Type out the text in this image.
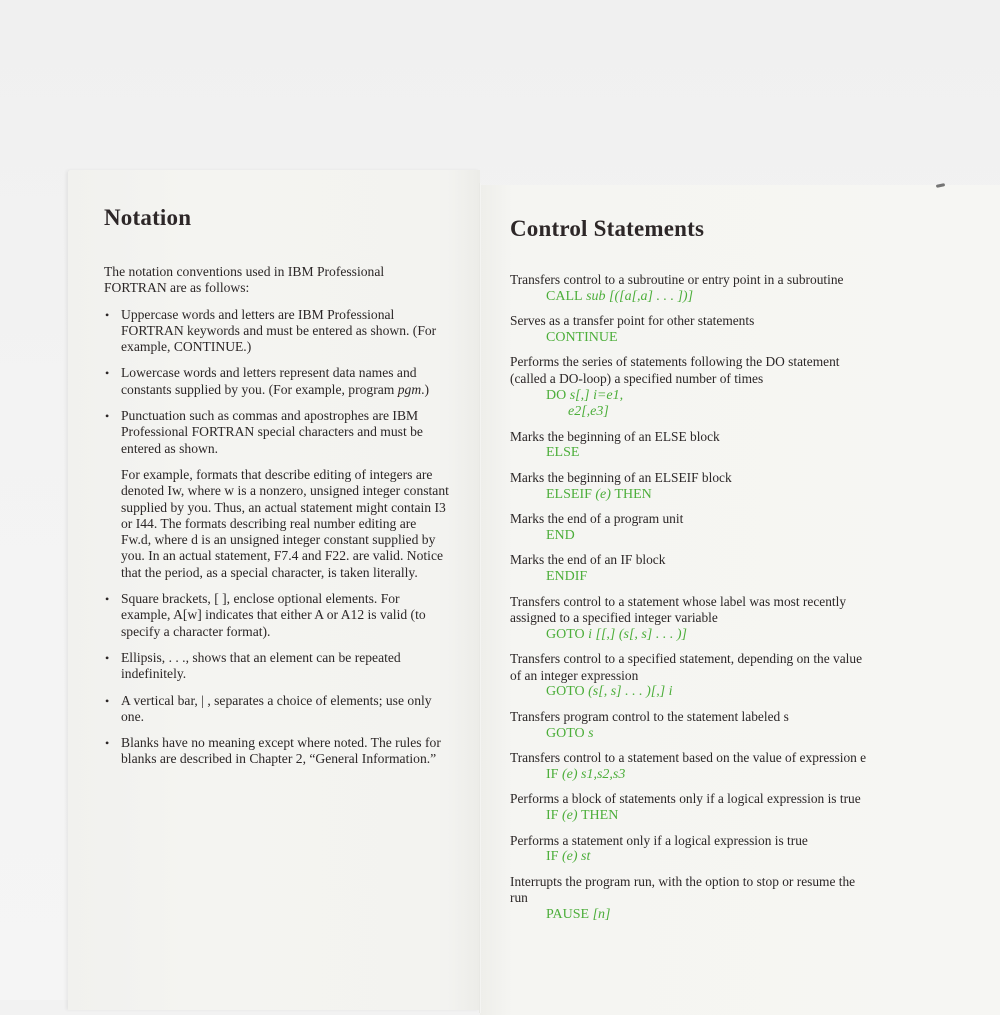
Notation

The notation conventions used in IBM Professional FORTRAN are as follows:

• Uppercase words and letters are IBM Professional FORTRAN keywords and must be entered as shown. (For example, CONTINUE.)
• Lowercase words and letters represent data names and constants supplied by you. (For example, program pgm.)
• Punctuation such as commas and apostrophes are IBM Professional FORTRAN special characters and must be entered as shown.
For example, formats that describe editing of integers are denoted Iw, where w is a nonzero, unsigned integer constant supplied by you. Thus, an actual statement might contain I3 or I44. The formats describing real number editing are Fw.d, where d is an unsigned integer constant supplied by you. In an actual statement, F7.4 and F22. are valid. Notice that the period, as a special character, is taken literally.
• Square brackets, [ ], enclose optional elements. For example, A[w] indicates that either A or A12 is valid (to specify a character format).
• Ellipsis, . . ., shows that an element can be repeated indefinitely.
• A vertical bar, | , separates a choice of elements; use only one.
• Blanks have no meaning except where noted. The rules for blanks are described in Chapter 2, “General Information.”
Control Statements
Transfers control to a subroutine or entry point in a subroutine
CALL sub [([a[,a] . . . ])]
Serves as a transfer point for other statements
CONTINUE
Performs the series of statements following the DO statement (called a DO-loop) a specified number of times
DO s[,] i=e1,
e2[,e3]
Marks the beginning of an ELSE block
ELSE
Marks the beginning of an ELSEIF block
ELSEIF (e) THEN
Marks the end of a program unit
END
Marks the end of an IF block
ENDIF
Transfers control to a statement whose label was most recently assigned to a specified integer variable
GOTO i [[,] (s[, s] . . . )]
Transfers control to a specified statement, depending on the value of an integer expression
GOTO (s[, s] . . . )[,] i
Transfers program control to the statement labeled s
GOTO s
Transfers control to a statement based on the value of expression e
IF (e) s1,s2,s3
Performs a block of statements only if a logical expression is true
IF (e) THEN
Performs a statement only if a logical expression is true
IF (e) st
Interrupts the program run, with the option to stop or resume the run
PAUSE [n]
